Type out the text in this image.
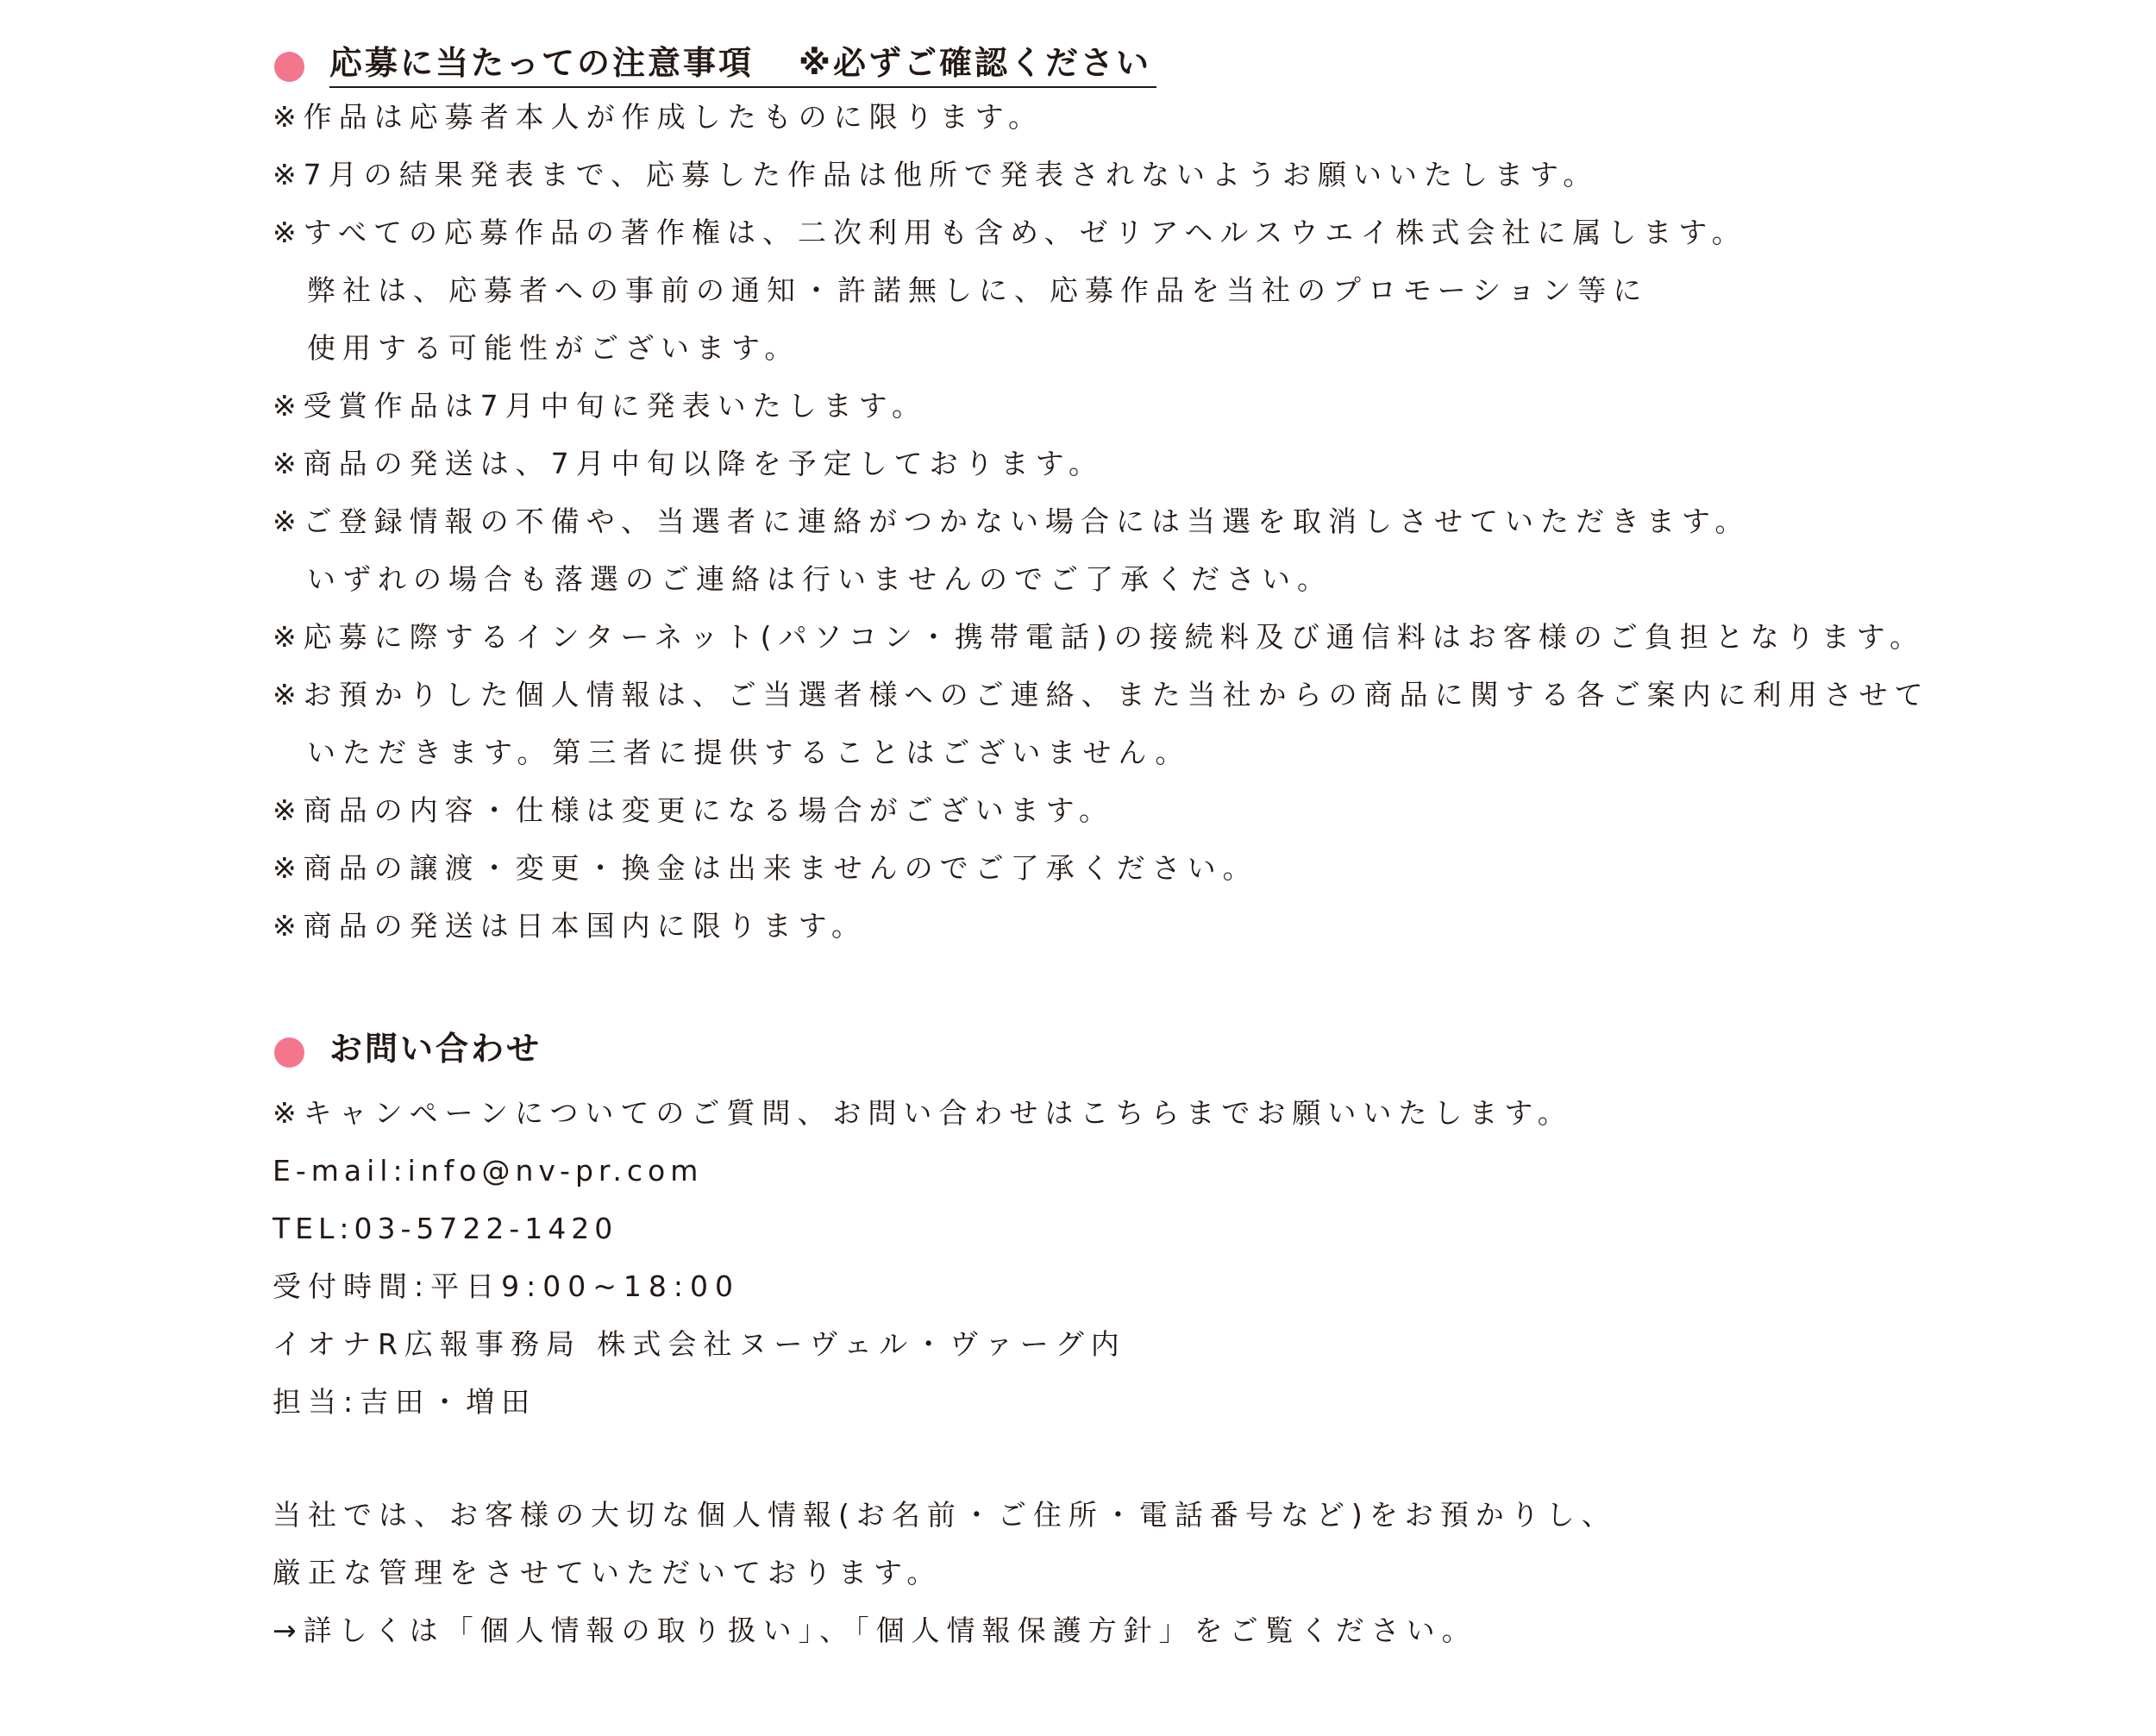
応募に当たっての注意事項 ※必ずご確認ください
※作品は応募者本人が作成したものに限ります。
※7月の結果発表まで、応募した作品は他所で発表されないようお願いいたします。
※すべての応募作品の著作権は、二次利用も含め、ゼリアヘルスウエイ株式会社に属します。
弊社は、応募者への事前の通知・許諾無しに、応募作品を当社のプロモーション等に
使用する可能性がございます。
※受賞作品は7月中旬に発表いたします。
※商品の発送は、7月中旬以降を予定しております。
※ご登録情報の不備や、当選者に連絡がつかない場合には当選を取消しさせていただきます。
いずれの場合も落選のご連絡は行いませんのでご了承ください。
※応募に際するインターネット(パソコン・携帯電話)の接続料及び通信料はお客様のご負担となります。
※お預かりした個人情報は、ご当選者様へのご連絡、また当社からの商品に関する各ご案内に利用させて
いただきます。第三者に提供することはございません。
※商品の内容・仕様は変更になる場合がございます。
※商品の譲渡・変更・換金は出来ませんのでご了承ください。
※商品の発送は日本国内に限ります。
お問い合わせ
※キャンペーンについてのご質問、お問い合わせはこちらまでお願いいたします。
E-mail:info@nv-pr.com
TEL:03-5722-1420
受付時間:平日9:00~18:00
イオナR広報事務局 株式会社ヌーヴェル・ヴァーグ内
担当:吉田・増田
当社では、お客様の大切な個人情報(お名前・ご住所・電話番号など)をお預かりし、
厳正な管理をさせていただいております。
→詳しくは「個人情報の取り扱い」、「個人情報保護方針」をご覧ください。
